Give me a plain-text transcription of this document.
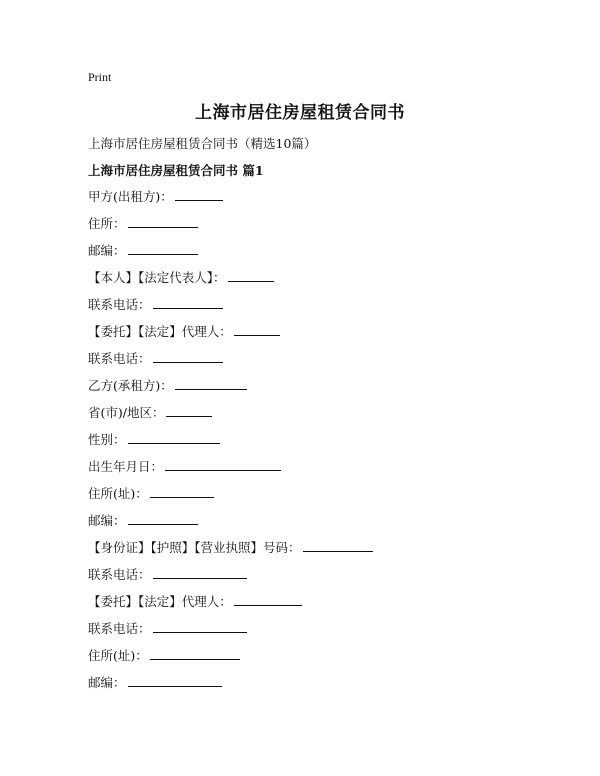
Print
上海市居住房屋租赁合同书
上海市居住房屋租赁合同书（精选10篇）
上海市居住房屋租赁合同书 篇1
甲方(出租方)：
住所：
邮编：
【本人】【法定代表人】：
联系电话：
【委托】【法定】代理人：
联系电话：
乙方(承租方)：
省(市)/地区：
性别：
出生年月日：
住所(址)：
邮编：
【身份证】【护照】【营业执照】号码：
联系电话：
【委托】【法定】代理人：
联系电话：
住所(址)：
邮编：
